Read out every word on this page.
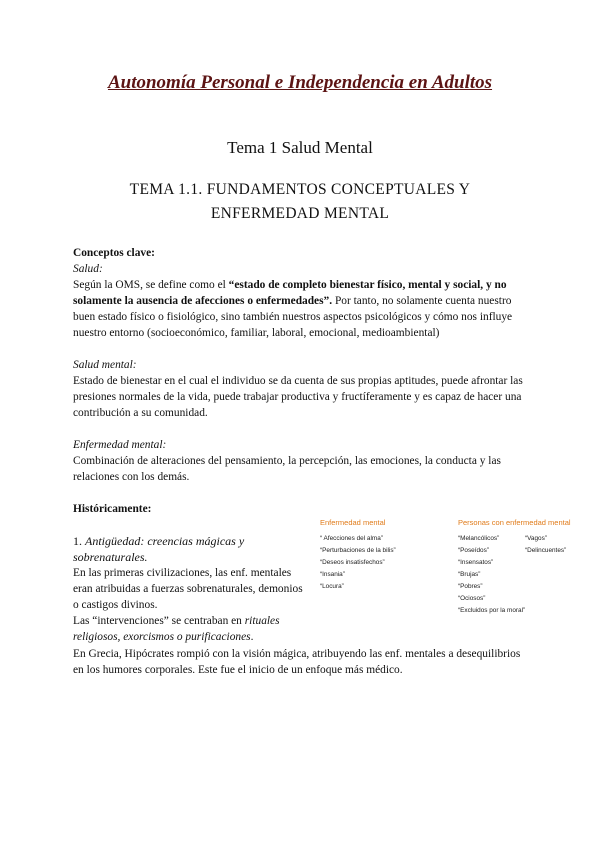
Autonomía Personal e Independencia en Adultos
Tema 1 Salud Mental
TEMA 1.1. FUNDAMENTOS CONCEPTUALES Y
ENFERMEDAD MENTAL
Conceptos clave:
Salud:

Según la OMS, se define como el “estado de completo bienestar físico, mental y social, y no solamente la ausencia de afecciones o enfermedades”. Por tanto, no solamente cuenta nuestro buen estado físico o fisiológico, sino también nuestros aspectos psicológicos y cómo nos influye nuestro entorno (socioeconómico, familiar, laboral, emocional, medioambiental)

Salud mental:

Estado de bienestar en el cual el individuo se da cuenta de sus propias aptitudes, puede afrontar las presiones normales de la vida, puede trabajar productiva y fructíferamente y es capaz de hacer una contribución a su comunidad.

Enfermedad mental:

Combinación de alteraciones del pensamiento, la percepción, las emociones, la conducta y las relaciones con los demás.

Históricamente:
1. Antigüedad: creencias mágicas y sobrenaturales.

En las primeras civilizaciones, las enf. mentales eran atribuidas a fuerzas sobrenaturales, demonios o castigos divinos.

Las “intervenciones” se centraban en rituales religiosos, exorcismos o purificaciones.

En Grecia, Hipócrates rompió con la visión mágica, atribuyendo las enf. mentales a desequilibrios en los humores corporales. Este fue el inicio de un enfoque más médico.
Enfermedad mental
“ Afecciones del alma”
“Perturbaciones de la bilis”
“Deseos insatisfechos”
“Insania”
“Locura”
Personas con enfermedad mental
“Melancólicos”
“Poseídos”
“Insensatos”
“Brujas”
“Pobres”
“Ociosos”
“Excluidos por la moral”
“Vagos”
“Delincuentes”
